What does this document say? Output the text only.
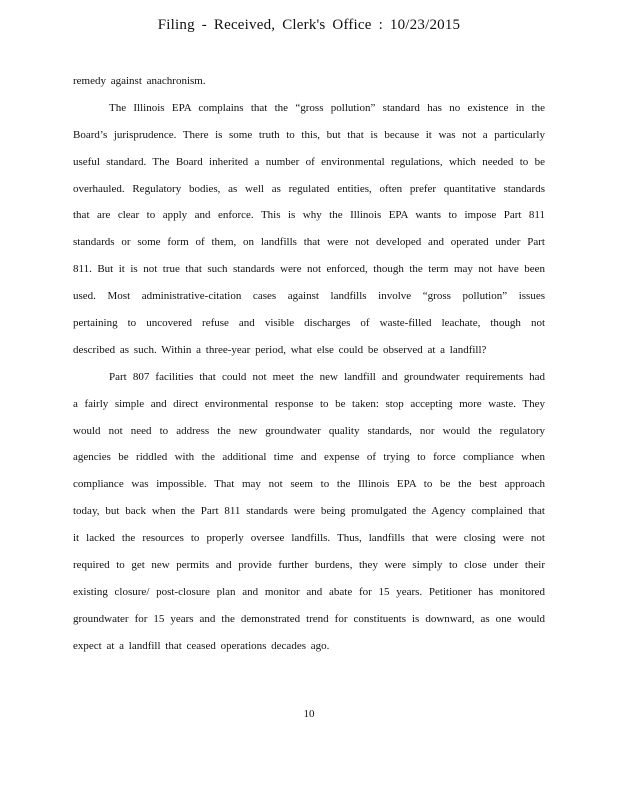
Filing - Received, Clerk's Office : 10/23/2015
remedy against anachronism.
The Illinois EPA complains that the “gross pollution” standard has no existence in the
Board’s jurisprudence. There is some truth to this, but that is because it was not a particularly
useful standard. The Board inherited a number of environmental regulations, which needed to be
overhauled. Regulatory bodies, as well as regulated entities, often prefer quantitative standards
that are clear to apply and enforce. This is why the Illinois EPA wants to impose Part 811
standards or some form of them, on landfills that were not developed and operated under Part
811. But it is not true that such standards were not enforced, though the term may not have been
used. Most administrative-citation cases against landfills involve “gross pollution” issues
pertaining to uncovered refuse and visible discharges of waste-filled leachate, though not
described as such. Within a three-year period, what else could be observed at a landfill?
Part 807 facilities that could not meet the new landfill and groundwater requirements had
a fairly simple and direct environmental response to be taken: stop accepting more waste. They
would not need to address the new groundwater quality standards, nor would the regulatory
agencies be riddled with the additional time and expense of trying to force compliance when
compliance was impossible. That may not seem to the Illinois EPA to be the best approach
today, but back when the Part 811 standards were being promulgated the Agency complained that
it lacked the resources to properly oversee landfills. Thus, landfills that were closing were not
required to get new permits and provide further burdens, they were simply to close under their
existing closure/ post-closure plan and monitor and abate for 15 years. Petitioner has monitored
groundwater for 15 years and the demonstrated trend for constituents is downward, as one would
expect at a landfill that ceased operations decades ago.
10
